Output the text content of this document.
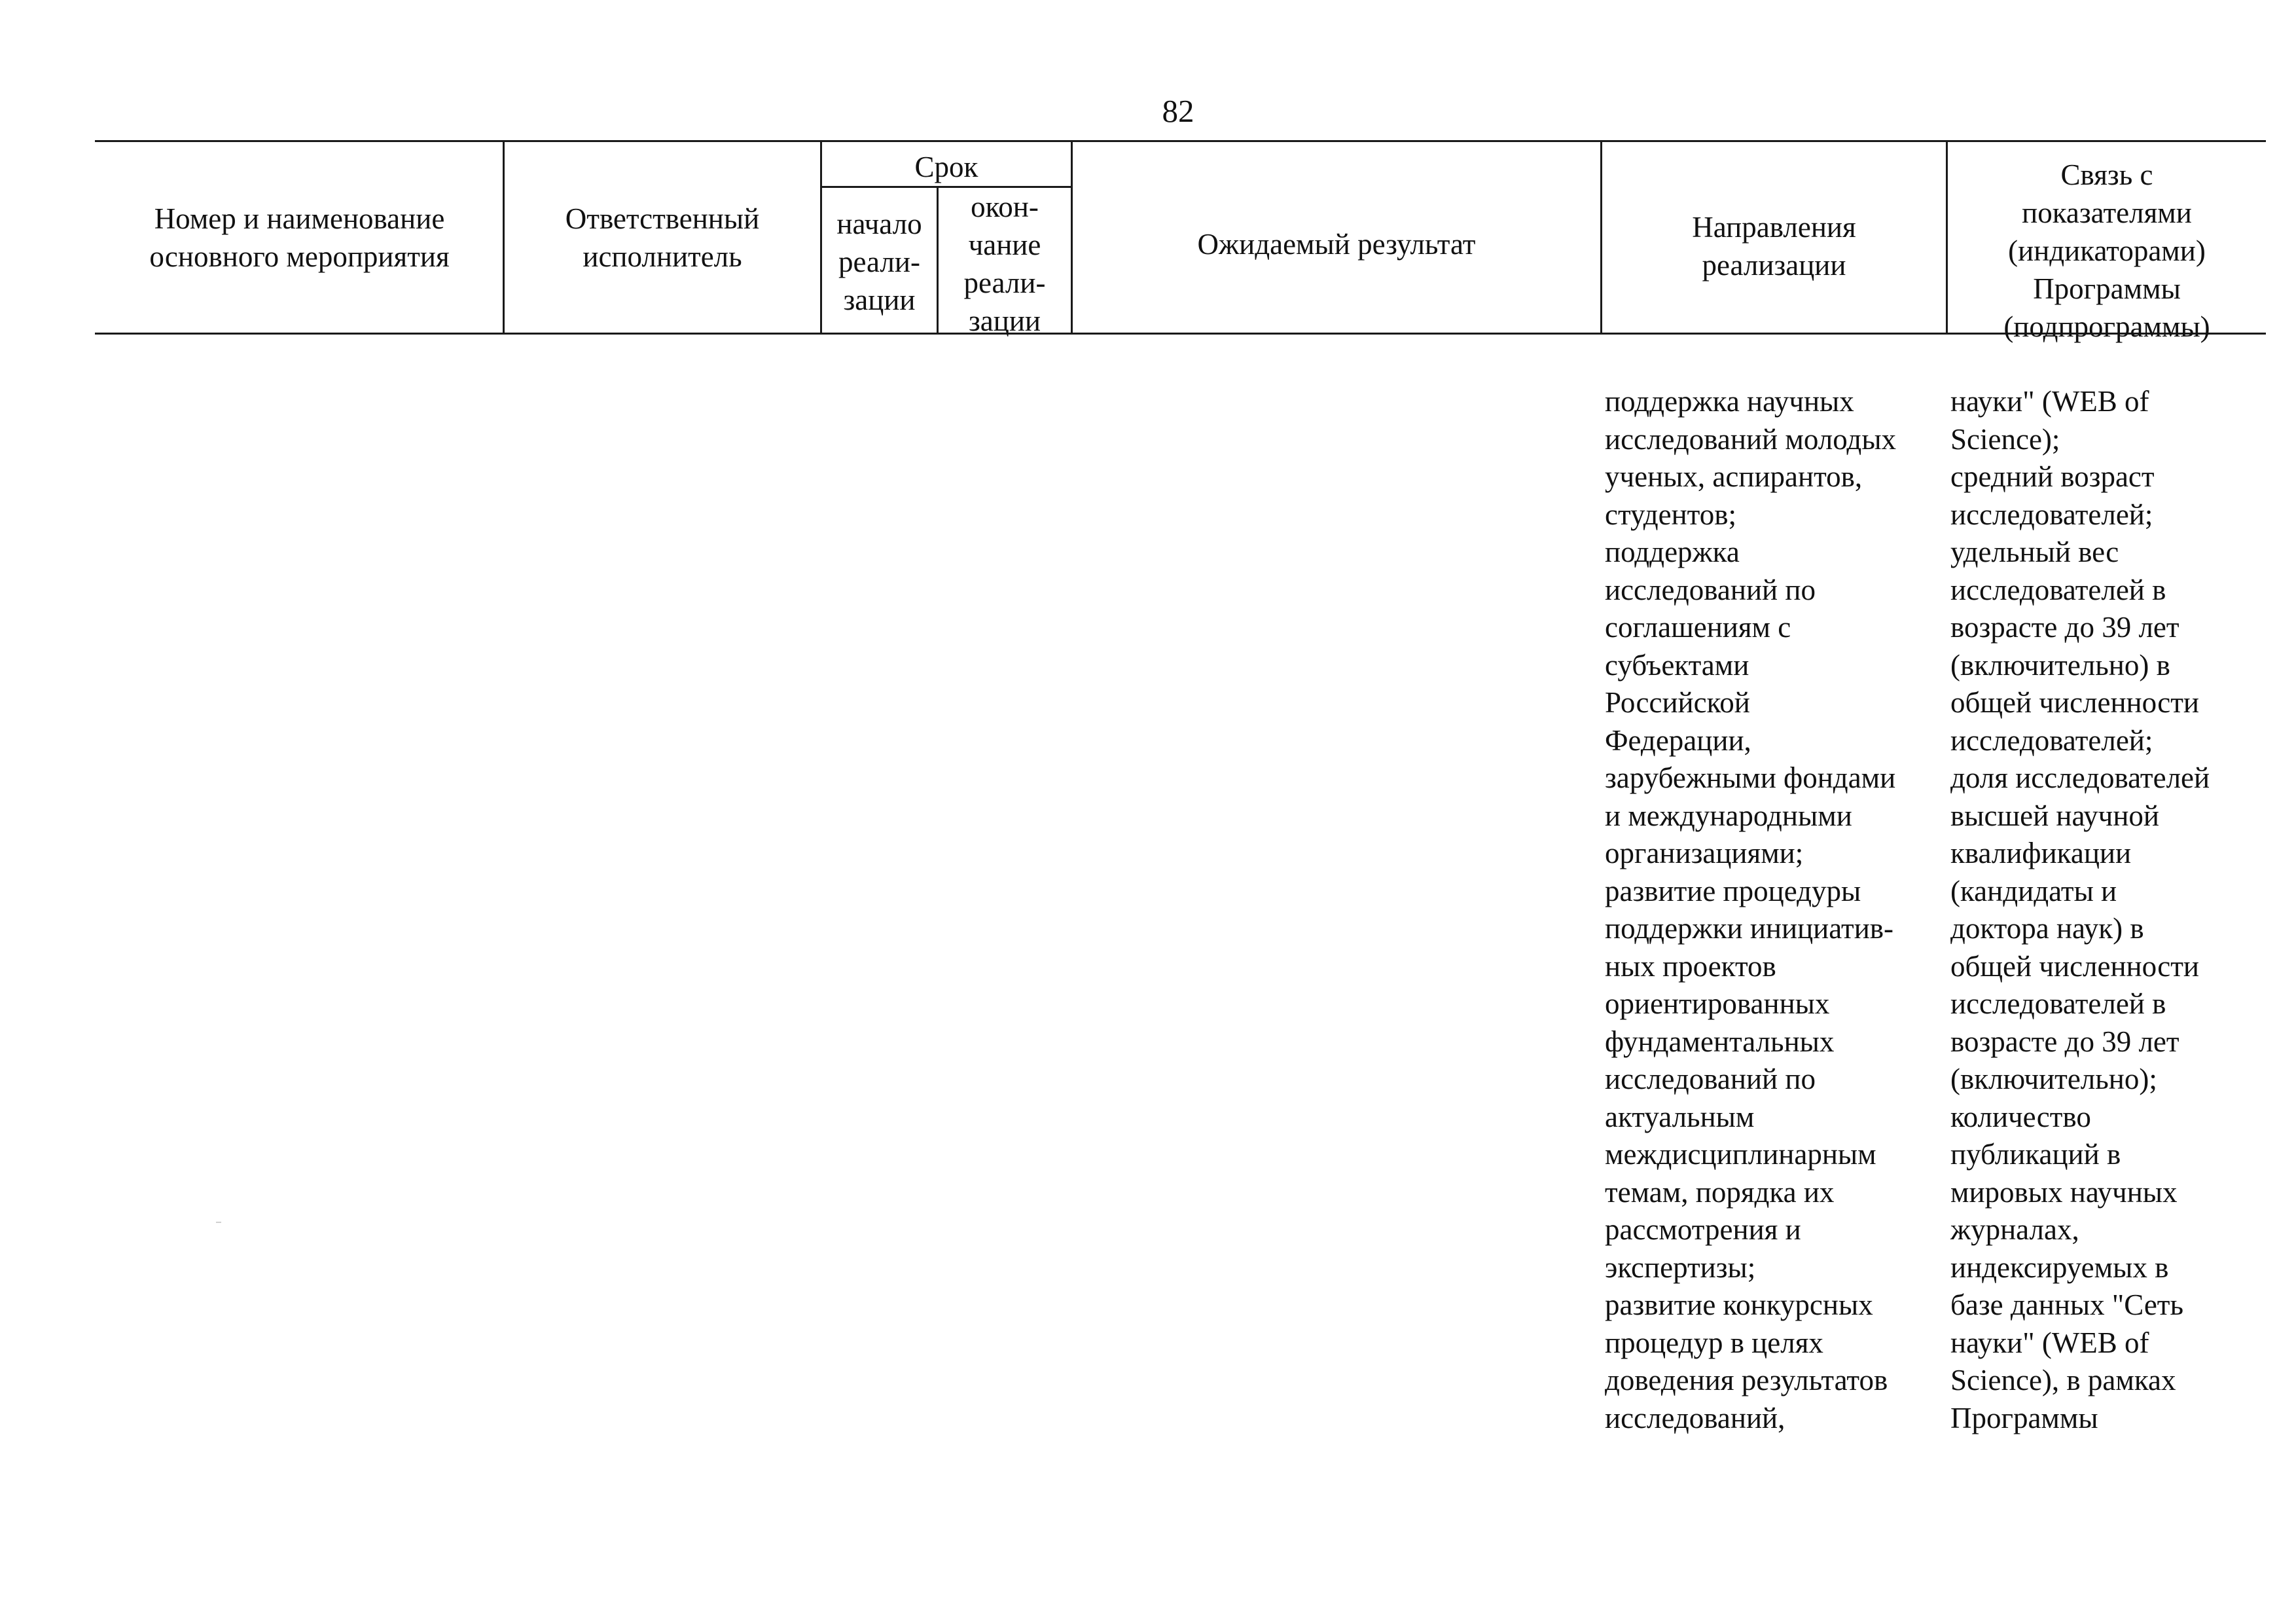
82
Номер и наименование
основного мероприятия
Ответственный
исполнитель
Срок
начало
реали-
зации
окон-
чание
реали-
зации
Ожидаемый результат
Направления
реализации
Связь с
показателями
(индикаторами)
Программы
(подпрограммы)
поддержка научных
исследований молодых
ученых, аспирантов,
студентов;
поддержка
исследований по
соглашениям с
субъектами
Российской
Федерации,
зарубежными фондами
и международными
организациями;
развитие процедуры
поддержки инициатив-
ных проектов
ориентированных
фундаментальных
исследований по
актуальным
междисциплинарным
темам, порядка их
рассмотрения и
экспертизы;
развитие конкурсных
процедур в целях
доведения результатов
исследований,
науки" (WEB of
Science);
средний возраст
исследователей;
удельный вес
исследователей в
возрасте до 39 лет
(включительно) в
общей численности
исследователей;
доля исследователей
высшей научной
квалификации
(кандидаты и
доктора наук) в
общей численности
исследователей в
возрасте до 39 лет
(включительно);
количество
публикаций в
мировых научных
журналах,
индексируемых в
базе данных "Сеть
науки" (WEB of
Science), в рамках
Программы
